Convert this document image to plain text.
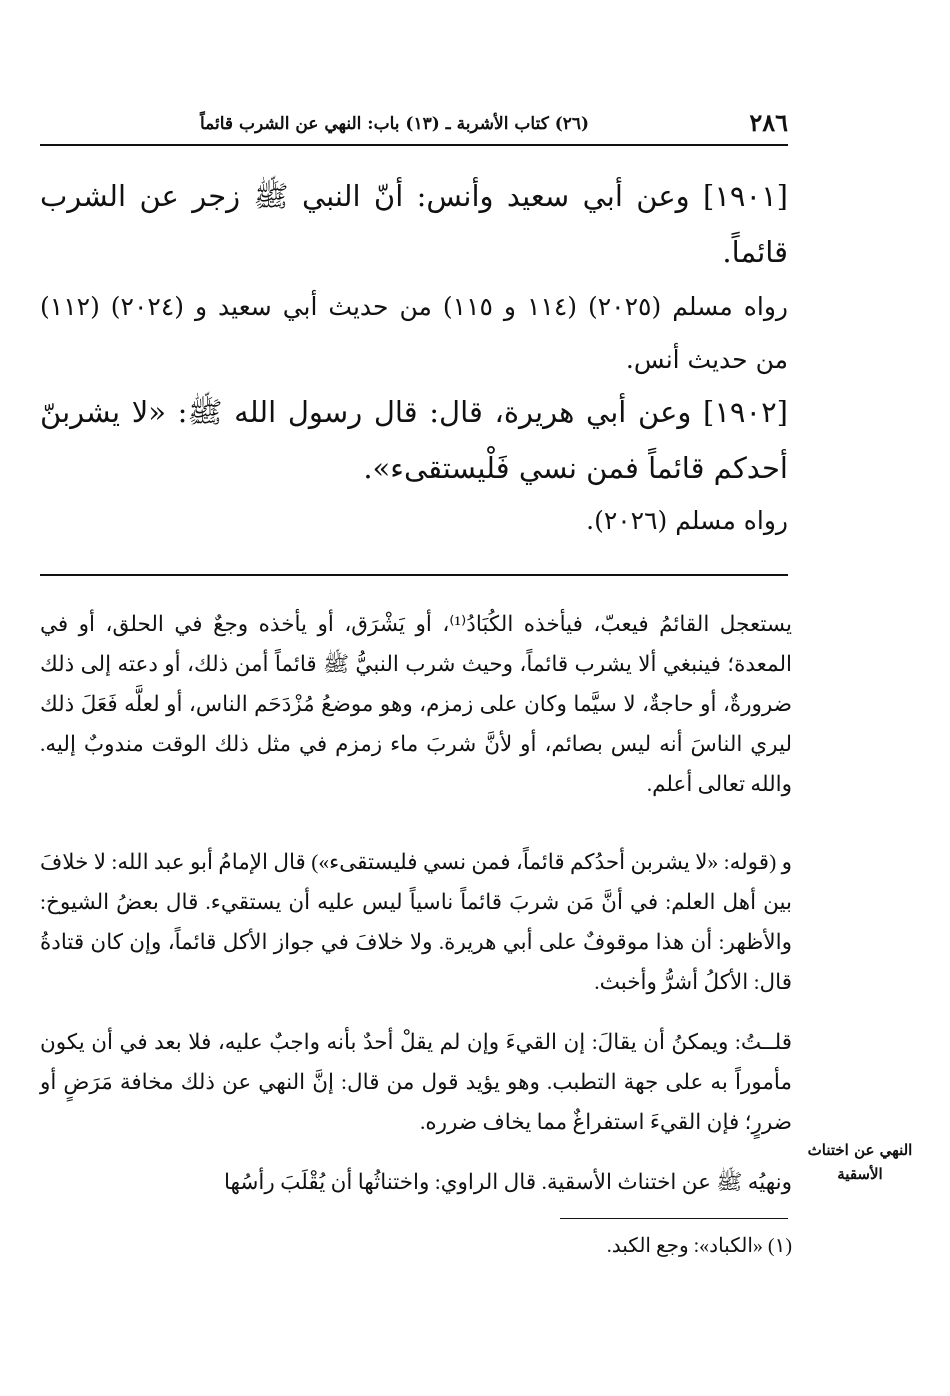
٢٨٦
(٢٦) كتاب الأشربة ـ (١٣) باب: النهي عن الشرب قائماً
[١٩٠١] وعن أبي سعيد وأنس: أنّ النبي ﷺ زجر عن الشرب قائماً.
رواه مسلم (٢٠٢٥) (١١٤ و ١١٥) من حديث أبي سعيد و (٢٠٢٤) (١١٢) من حديث أنس.
[١٩٠٢] وعن أبي هريرة، قال: قال رسول الله ﷺ: «لا يشربنّ أحدكم قائماً فمن نسي فَلْيستقىء».
رواه مسلم (٢٠٢٦).
يستعجل القائمُ فيعبّ، فيأخذه الكُبَادُ⁽¹⁾، أو يَشْرَق، أو يأخذه وجعٌ في الحلق، أو في المعدة؛ فينبغي ألا يشرب قائماً، وحيث شرب النبيُّ ﷺ قائماً أمن ذلك، أو دعته إلى ذلك ضرورةٌ، أو حاجةٌ، لا سيَّما وكان على زمزم، وهو موضعُ مُزْدَحَم الناس، أو لعلَّه فَعَلَ ذلك ليري الناسَ أنه ليس بصائم، أو لأنَّ شربَ ماء زمزم في مثل ذلك الوقت مندوبٌ إليه. والله تعالى أعلم.
و (قوله: «لا يشربن أحدُكم قائماً، فمن نسي فليستقىء») قال الإمامُ أبو عبد الله: لا خلافَ بين أهل العلم: في أنَّ مَن شربَ قائماً ناسياً ليس عليه أن يستقيء. قال بعضُ الشيوخ: والأظهر: أن هذا موقوفٌ على أبي هريرة. ولا خلافَ في جواز الأكل قائماً، وإن كان قتادةُ قال: الأكلُ أشرُّ وأخبث.
قلــتُ: ويمكنُ أن يقالَ: إن القيءَ وإن لم يقلْ أحدٌ بأنه واجبٌ عليه، فلا بعد في أن يكون مأموراً به على جهة التطبب. وهو يؤيد قول من قال: إنَّ النهي عن ذلك مخافة مَرَضٍ أو ضررٍ؛ فإن القيءَ استفراغٌ مما يخاف ضرره.
ونهيُه ﷺ عن اختناث الأسقية. قال الراوي: واختناثُها أن يُقْلَبَ رأسُها
النهي عن اختناث الأسقية
(١) «الكباد»: وجع الكبد.
